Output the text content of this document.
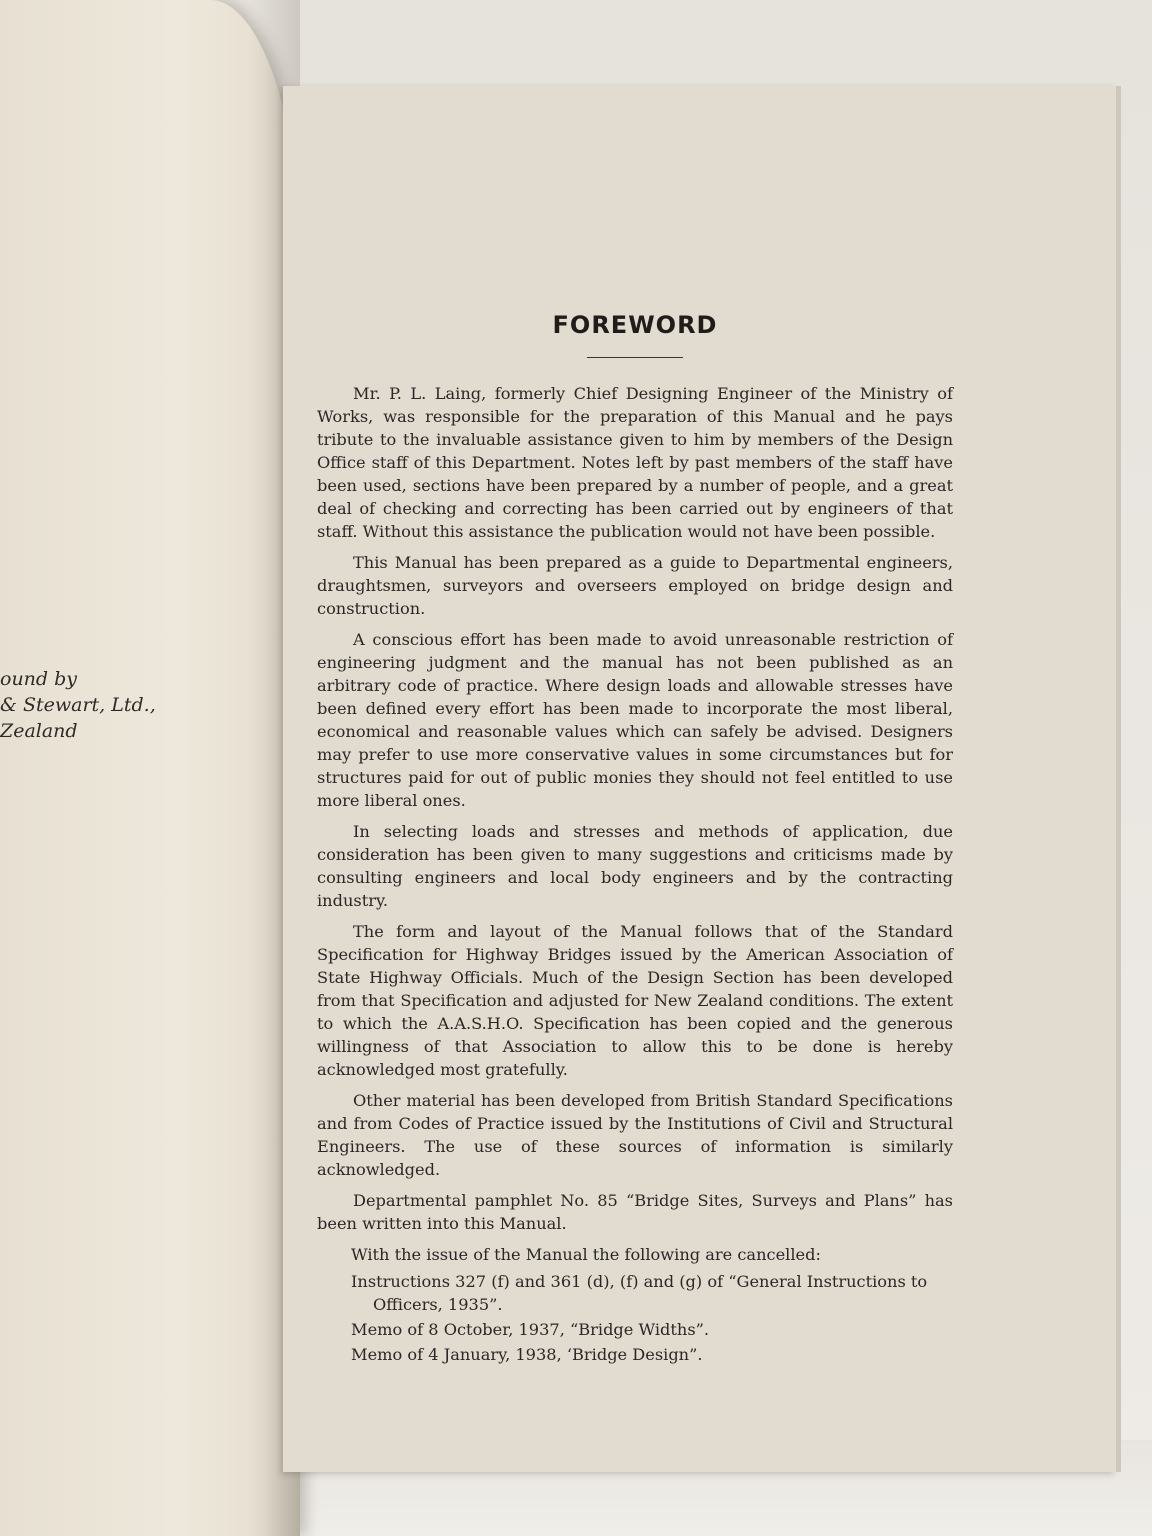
ound by
& Stewart, Ltd.,
Zealand
FOREWORD

Mr. P. L. Laing, formerly Chief Designing Engineer of the Ministry of Works, was responsible for the preparation of this Manual and he pays tribute to the invaluable assistance given to him by members of the Design Office staff of this Department. Notes left by past members of the staff have been used, sections have been prepared by a number of people, and a great deal of checking and correcting has been carried out by engineers of that staff. Without this assistance the publication would not have been possible.

This Manual has been prepared as a guide to Departmental engineers, draughtsmen, surveyors and overseers employed on bridge design and construction.

A conscious effort has been made to avoid unreasonable restriction of engineering judgment and the manual has not been published as an arbitrary code of practice. Where design loads and allowable stresses have been defined every effort has been made to incorporate the most liberal, economical and reasonable values which can safely be advised. Designers may prefer to use more conservative values in some circumstances but for structures paid for out of public monies they should not feel entitled to use more liberal ones.

In selecting loads and stresses and methods of application, due consideration has been given to many suggestions and criticisms made by consulting engineers and local body engineers and by the contracting industry.

The form and layout of the Manual follows that of the Standard Specification for Highway Bridges issued by the American Association of State Highway Officials. Much of the Design Section has been developed from that Specification and adjusted for New Zealand conditions. The extent to which the A.A.S.H.O. Specification has been copied and the generous willingness of that Association to allow this to be done is hereby acknowledged most gratefully.

Other material has been developed from British Standard Specifications and from Codes of Practice issued by the Institutions of Civil and Structural Engineers. The use of these sources of information is similarly acknowledged.

Departmental pamphlet No. 85 “Bridge Sites, Surveys and Plans” has been written into this Manual.

With the issue of the Manual the following are cancelled:
Instructions 327 (f) and 361 (d), (f) and (g) of “General Instructions to Officers, 1935”.
Memo of 8 October, 1937, “Bridge Widths”.
Memo of 4 January, 1938, ‘Bridge Design”.
